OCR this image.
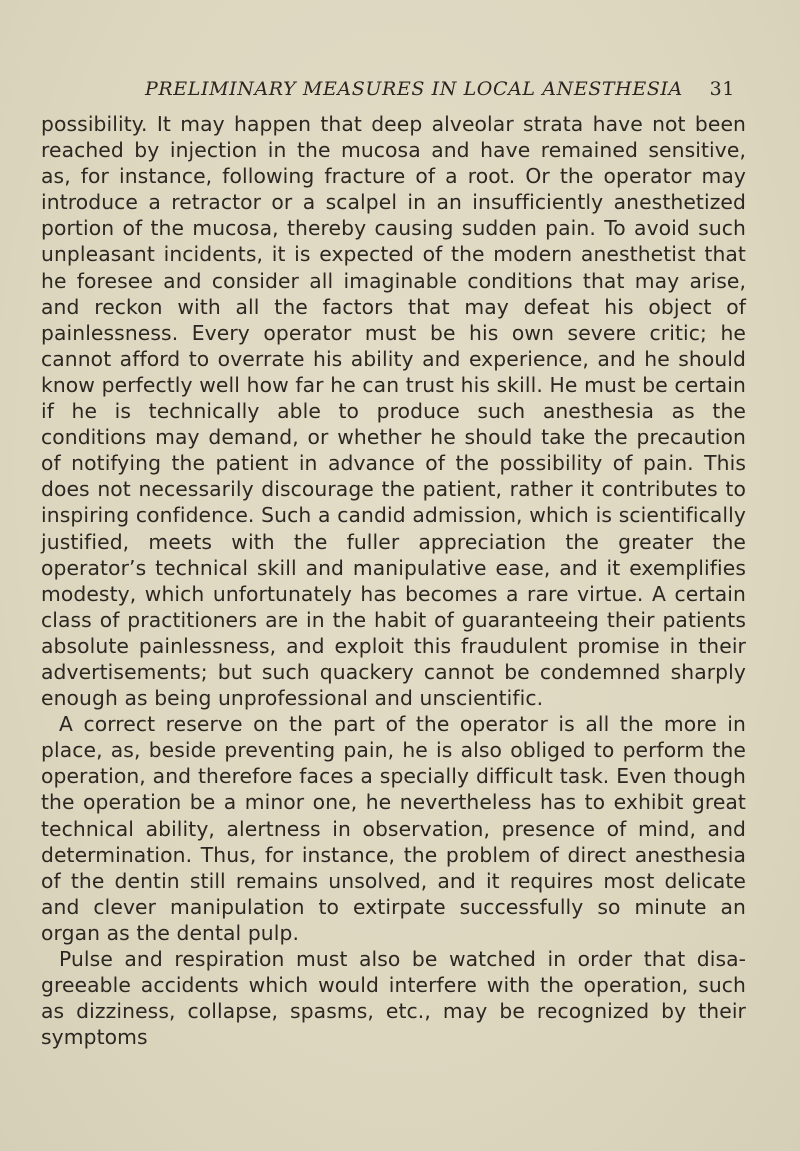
PRELIMINARY MEASURES IN LOCAL ANESTHESIA 31

possibility. It may happen that deep alveolar strata have not been reached by injection in the mucosa and have remained sensitive, as, for instance, following fracture of a root. Or the operator may introduce a retractor or a scalpel in an insufficiently anesthetized portion of the mucosa, thereby causing sudden pain. To avoid such unpleasant incidents, it is expected of the modern anesthetist that he foresee and consider all imaginable conditions that may arise, and reckon with all the factors that may defeat his object of painlessness. Every operator must be his own severe critic; he cannot afford to overrate his ability and experience, and he should know perfectly well how far he can trust his skill. He must be certain if he is technically able to produce such anesthesia as the conditions may demand, or whether he should take the precaution of notifying the patient in advance of the possibility of pain. This does not necessarily discourage the patient, rather it contributes to inspiring confidence. Such a candid admission, which is scientifically justified, meets with the fuller appreciation the greater the operator’s technical skill and manipulative ease, and it exemplifies modesty, which unfortunately has becomes a rare virtue. A certain class of practitioners are in the habit of guaranteeing their patients absolute painlessness, and exploit this fraudulent promise in their advertisements; but such quackery cannot be condemned sharply enough as being unprofessional and unscientific.

A correct reserve on the part of the operator is all the more in place, as, beside preventing pain, he is also obliged to perform the operation, and therefore faces a specially difficult task. Even though the operation be a minor one, he nevertheless has to exhibit great technical ability, alertness in observation, presence of mind, and determination. Thus, for instance, the problem of direct anesthesia of the dentin still remains unsolved, and it requires most delicate and clever manipulation to extirpate successfully so minute an organ as the dental pulp.

Pulse and respiration must also be watched in order that disagreeable accidents which would interfere with the operation, such as dizziness, collapse, spasms, etc., may be recognized by their symptoms
